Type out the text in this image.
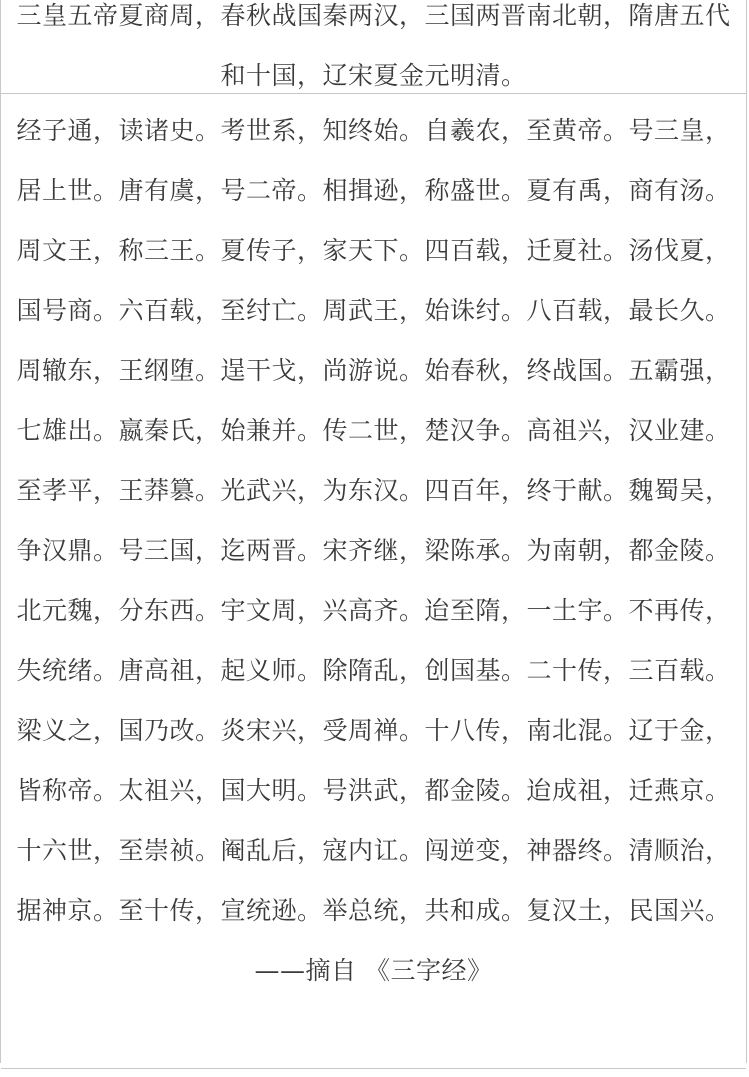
三皇五帝夏商周，春秋战国秦两汉，三国两晋南北朝，隋唐五代和十国，辽宋夏金元明清。

经子通，读诸史。考世系，知终始。自羲农，至黄帝。号三皇，居上世。唐有虞，号二帝。相揖逊，称盛世。夏有禹，商有汤。周文王，称三王。夏传子，家天下。四百载，迁夏社。汤伐夏，国号商。六百载，至纣亡。周武王，始诛纣。八百载，最长久。周辙东，王纲堕。逞干戈，尚游说。始春秋，终战国。五霸强，七雄出。嬴秦氏，始兼并。传二世，楚汉争。高祖兴，汉业建。至孝平，王莽篡。光武兴，为东汉。四百年，终于献。魏蜀吴，争汉鼎。号三国，迄两晋。宋齐继，梁陈承。为南朝，都金陵。北元魏，分东西。宇文周，兴高齐。迨至隋，一土宇。不再传，失统绪。唐高祖，起义师。除隋乱，创国基。二十传，三百载。梁义之，国乃改。炎宋兴，受周禅。十八传，南北混。辽于金，皆称帝。太祖兴，国大明。号洪武，都金陵。迨成祖，迁燕京。十六世，至崇祯。阉乱后，寇内讧。闯逆变，神器终。清顺治，据神京。至十传，宣统逊。举总统，共和成。复汉土，民国兴。——摘自 《三字经》
